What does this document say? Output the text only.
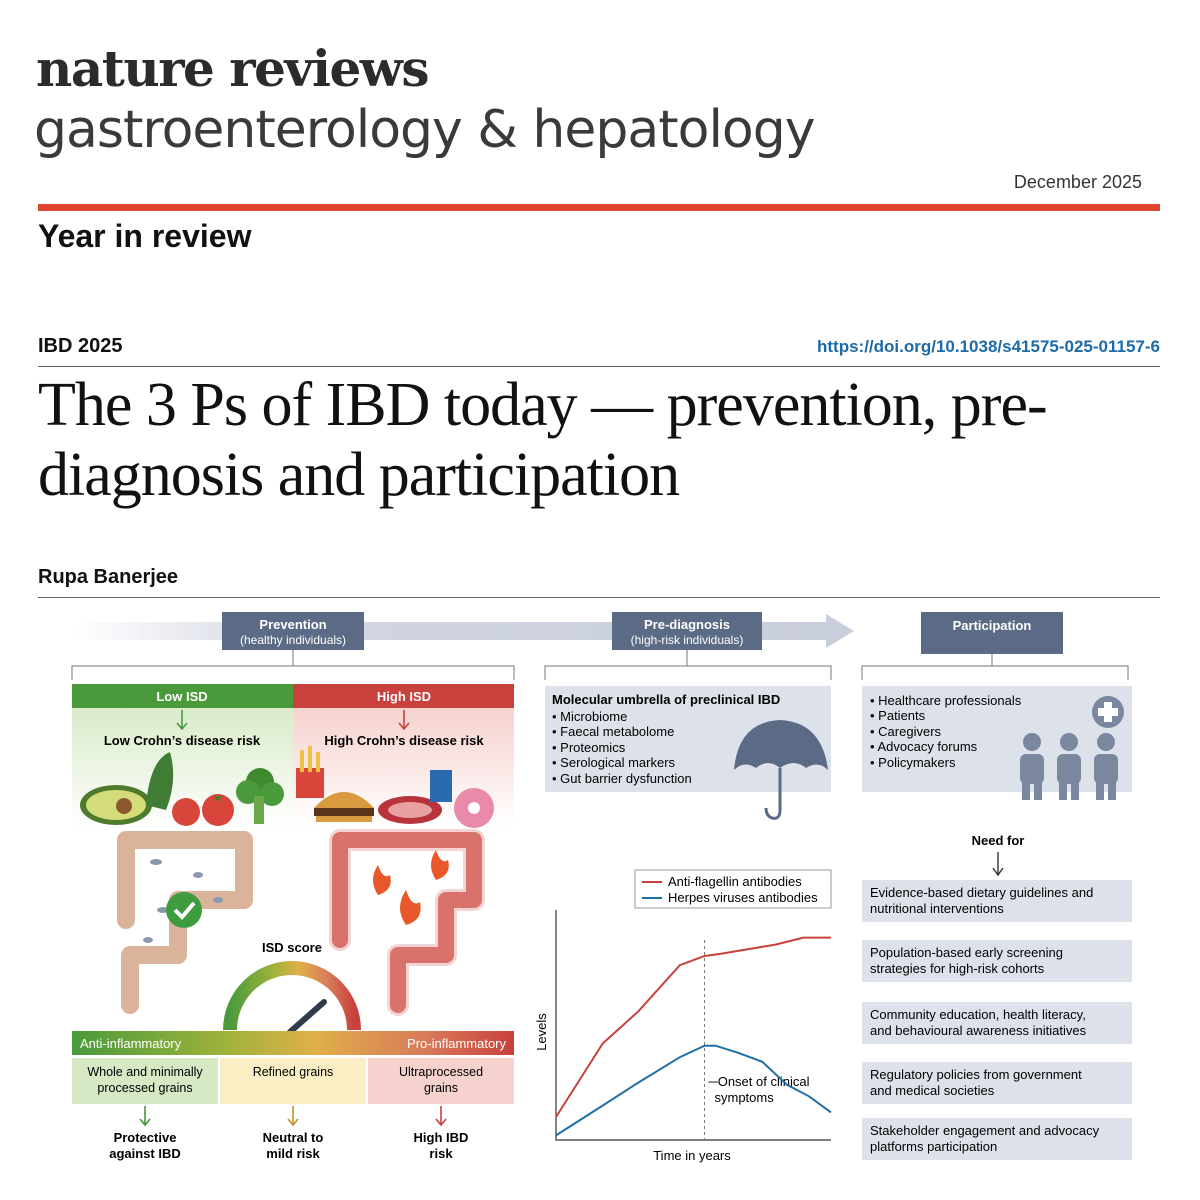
nature reviews
gastroenterology & hepatology
December 2025
Year in review
IBD 2025	https://doi.org/10.1038/s41575-025-01157-6
The 3 Ps of IBD today — prevention, pre-diagnosis and participation
Rupa Banerjee
Prevention
(healthy individuals)
Pre-diagnosis
(high-risk individuals)
Participation
Low ISD	High ISD
Low Crohn’s disease risk	High Crohn’s disease risk
ISD score
Anti-inflammatory	Pro-inflammatory
Whole and minimally processed grains
Protective against IBD
Refined grains
Neutral to mild risk
Ultraprocessed grains
High IBD risk
Molecular umbrella of preclinical IBD
• Microbiome
• Faecal metabolome
• Proteomics
• Serological markers
• Gut barrier dysfunction
Time in years
Levels
─Onset of clinical
symptoms
Anti-flagellin antibodies
Herpes viruses antibodies
• Healthcare professionals
• Patients
• Caregivers
• Advocacy forums
• Policymakers
Need for
Evidence-based dietary guidelines and nutritional interventions
Population-based early screening strategies for high-risk cohorts
Community education, health literacy, and behavioural awareness initiatives
Regulatory policies from government and medical societies
Stakeholder engagement and advocacy platforms participation
